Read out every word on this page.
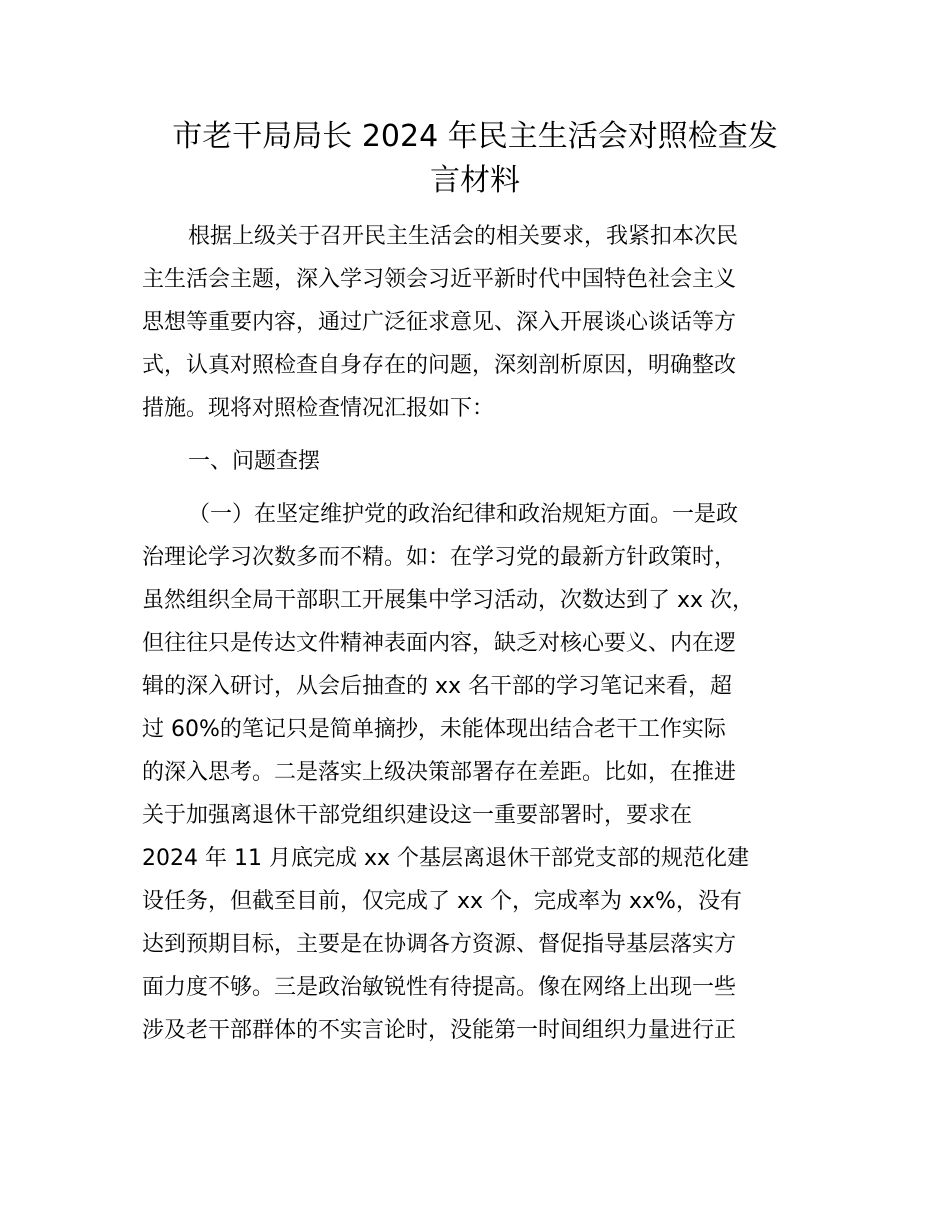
市老干局局长 2024 年民主生活会对照检查发
言材料
根据上级关于召开民主生活会的相关要求，我紧扣本次民
主生活会主题，深入学习领会习近平新时代中国特色社会主义
思想等重要内容，通过广泛征求意见、深入开展谈心谈话等方
式，认真对照检查自身存在的问题，深刻剖析原因，明确整改
措施。现将对照检查情况汇报如下：
一、问题查摆
（一）在坚定维护党的政治纪律和政治规矩方面。一是政
治理论学习次数多而不精。如：在学习党的最新方针政策时，
虽然组织全局干部职工开展集中学习活动，次数达到了 xx 次，
但往往只是传达文件精神表面内容，缺乏对核心要义、内在逻
辑的深入研讨，从会后抽查的 xx 名干部的学习笔记来看，超
过 60%的笔记只是简单摘抄，未能体现出结合老干工作实际
的深入思考。二是落实上级决策部署存在差距。比如，在推进
关于加强离退休干部党组织建设这一重要部署时，要求在
2024 年 11 月底完成 xx 个基层离退休干部党支部的规范化建
设任务，但截至目前，仅完成了 xx 个，完成率为 xx%，没有
达到预期目标，主要是在协调各方资源、督促指导基层落实方
面力度不够。三是政治敏锐性有待提高。像在网络上出现一些
涉及老干部群体的不实言论时，没能第一时间组织力量进行正
